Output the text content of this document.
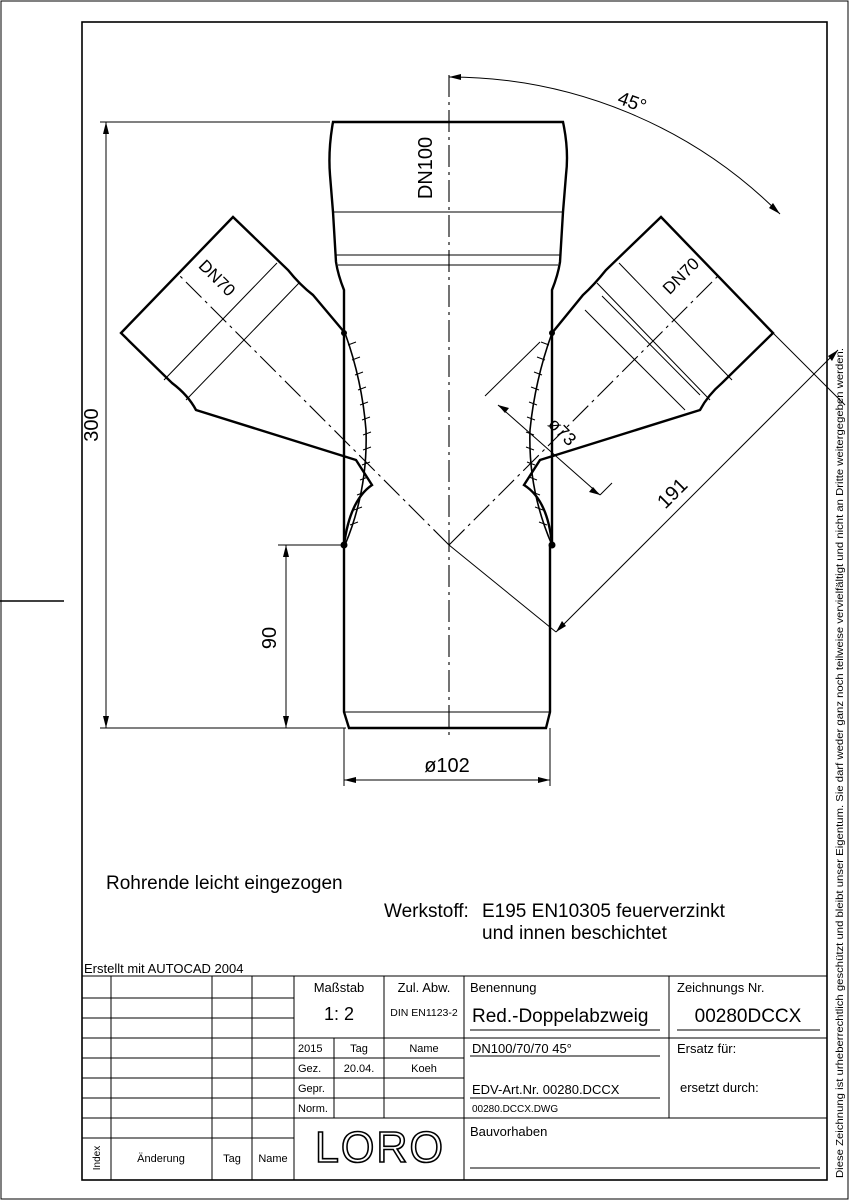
DN100
DN70	DN70
45°
300
90
ø102
ø73
191
Rohrende leicht eingezogen
Werkstoff: E195 EN10305 feuerverzinkt
und innen beschichtet
Erstellt mit AUTOCAD 2004	Diese Zeichnung ist urheberrechtlich geschützt und bleibt unser Eigentum. Sie darf weder ganz noch teilweise vervielfältigt und nicht an Dritte weitergegeben werden.
Maßstab
1: 2
Zul. Abw.
DIN EN1123-2
Benennung
Red.-Doppelabzweig
Zeichnungs Nr.
00280DCCX
2015	Tag	Name
Gez. 20.04.	Koeh
Gepr.
Norm.
DN100/70/70 45°	Ersatz für:
ersetzt durch:
EDV-Art.Nr. 00280.DCCX
00280.DCCX.DWG
Bauvorhaben
LORO
Index	Änderung	Tag Name
